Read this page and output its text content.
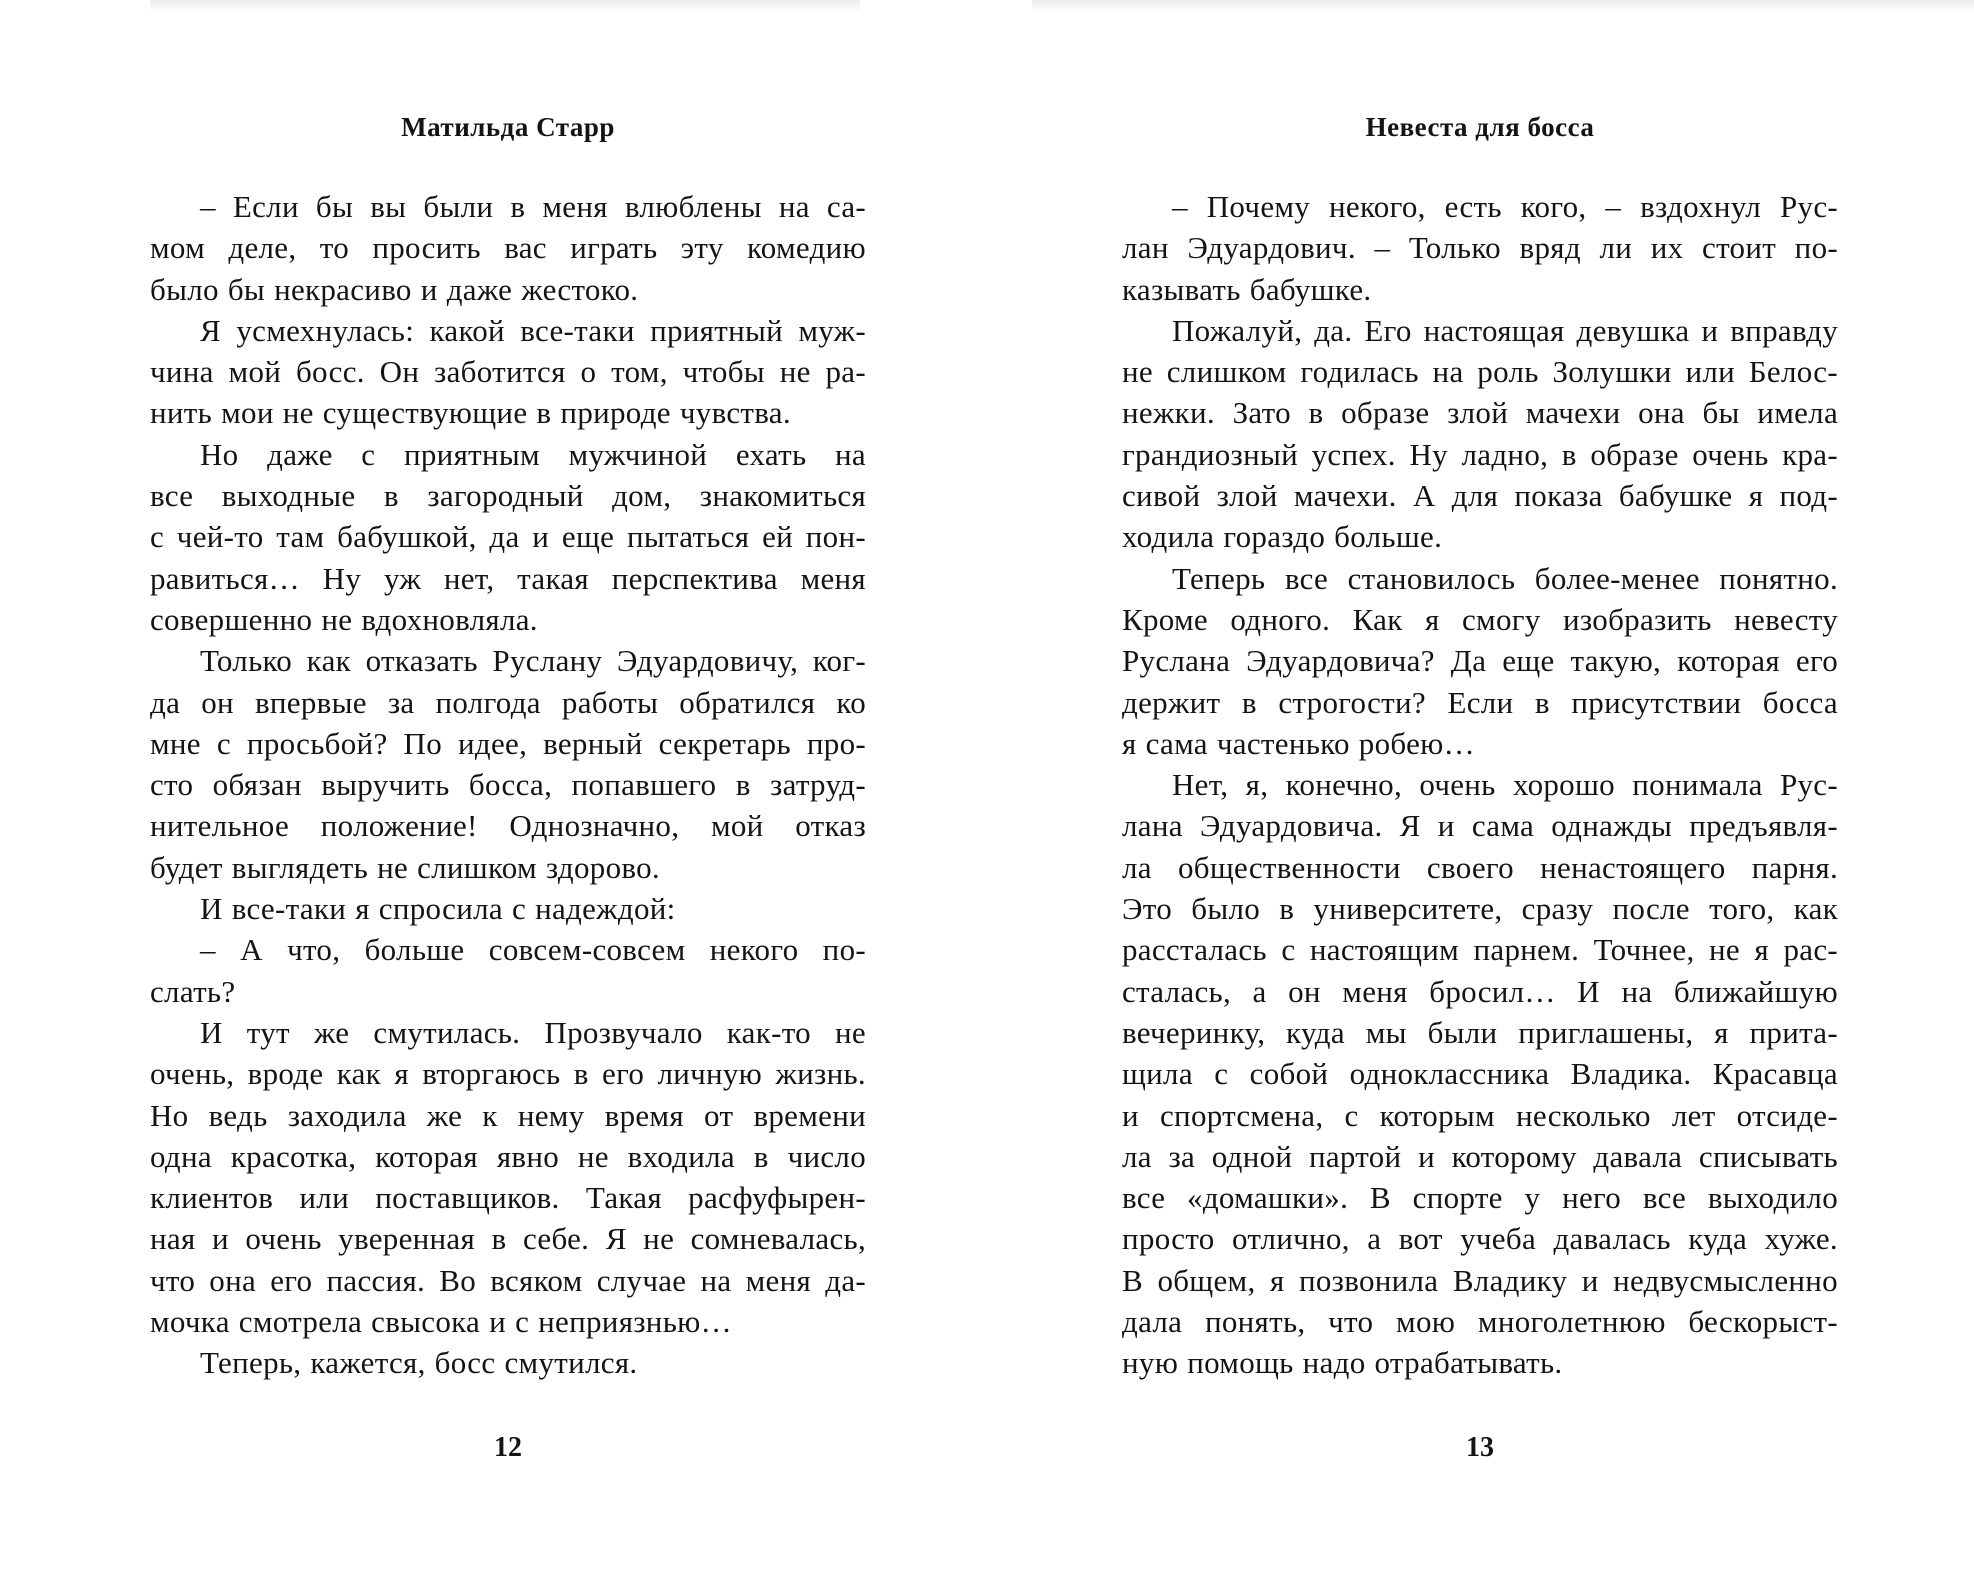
Матильда Старр
– Если бы вы были в меня влюблены на са-
мом деле, то просить вас играть эту комедию
было бы некрасиво и даже жестоко.
Я усмехнулась: какой все-таки приятный муж-
чина мой босс. Он заботится о том, чтобы не ра-
нить мои не существующие в природе чувства.
Но даже с приятным мужчиной ехать на
все выходные в загородный дом, знакомиться
с чей-то там бабушкой, да и еще пытаться ей пон-
равиться… Ну уж нет, такая перспектива меня
совершенно не вдохновляла.
Только как отказать Руслану Эдуардовичу, ког-
да он впервые за полгода работы обратился ко
мне с просьбой? По идее, верный секретарь про-
сто обязан выручить босса, попавшего в затруд-
нительное положение! Однозначно, мой отказ
будет выглядеть не слишком здорово.
И все-таки я спросила с надеждой:
– А что, больше совсем-совсем некого по-
слать?
И тут же смутилась. Прозвучало как-то не
очень, вроде как я вторгаюсь в его личную жизнь.
Но ведь заходила же к нему время от времени
одна красотка, которая явно не входила в число
клиентов или поставщиков. Такая расфуфырен-
ная и очень уверенная в себе. Я не сомневалась,
что она его пассия. Во всяком случае на меня да-
мочка смотрела свысока и с неприязнью…
Теперь, кажется, босс смутился.
12
Невеста для босса
– Почему некого, есть кого, – вздохнул Рус-
лан Эдуардович. – Только вряд ли их стоит по-
казывать бабушке.
Пожалуй, да. Его настоящая девушка и вправду
не слишком годилась на роль Золушки или Белос-
нежки. Зато в образе злой мачехи она бы имела
грандиозный успех. Ну ладно, в образе очень кра-
сивой злой мачехи. А для показа бабушке я под-
ходила гораздо больше.
Теперь все становилось более-менее понятно.
Кроме одного. Как я смогу изобразить невесту
Руслана Эдуардовича? Да еще такую, которая его
держит в строгости? Если в присутствии босса
я сама частенько робею…
Нет, я, конечно, очень хорошо понимала Рус-
лана Эдуардовича. Я и сама однажды предъявля-
ла общественности своего ненастоящего парня.
Это было в университете, сразу после того, как
рассталась с настоящим парнем. Точнее, не я рас-
сталась, а он меня бросил… И на ближайшую
вечеринку, куда мы были приглашены, я прита-
щила с собой одноклассника Владика. Красавца
и спортсмена, с которым несколько лет отсиде-
ла за одной партой и которому давала списывать
все «домашки». В спорте у него все выходило
просто отлично, а вот учеба давалась куда хуже.
В общем, я позвонила Владику и недвусмысленно
дала понять, что мою многолетнюю бескорыст-
ную помощь надо отрабатывать.
13
